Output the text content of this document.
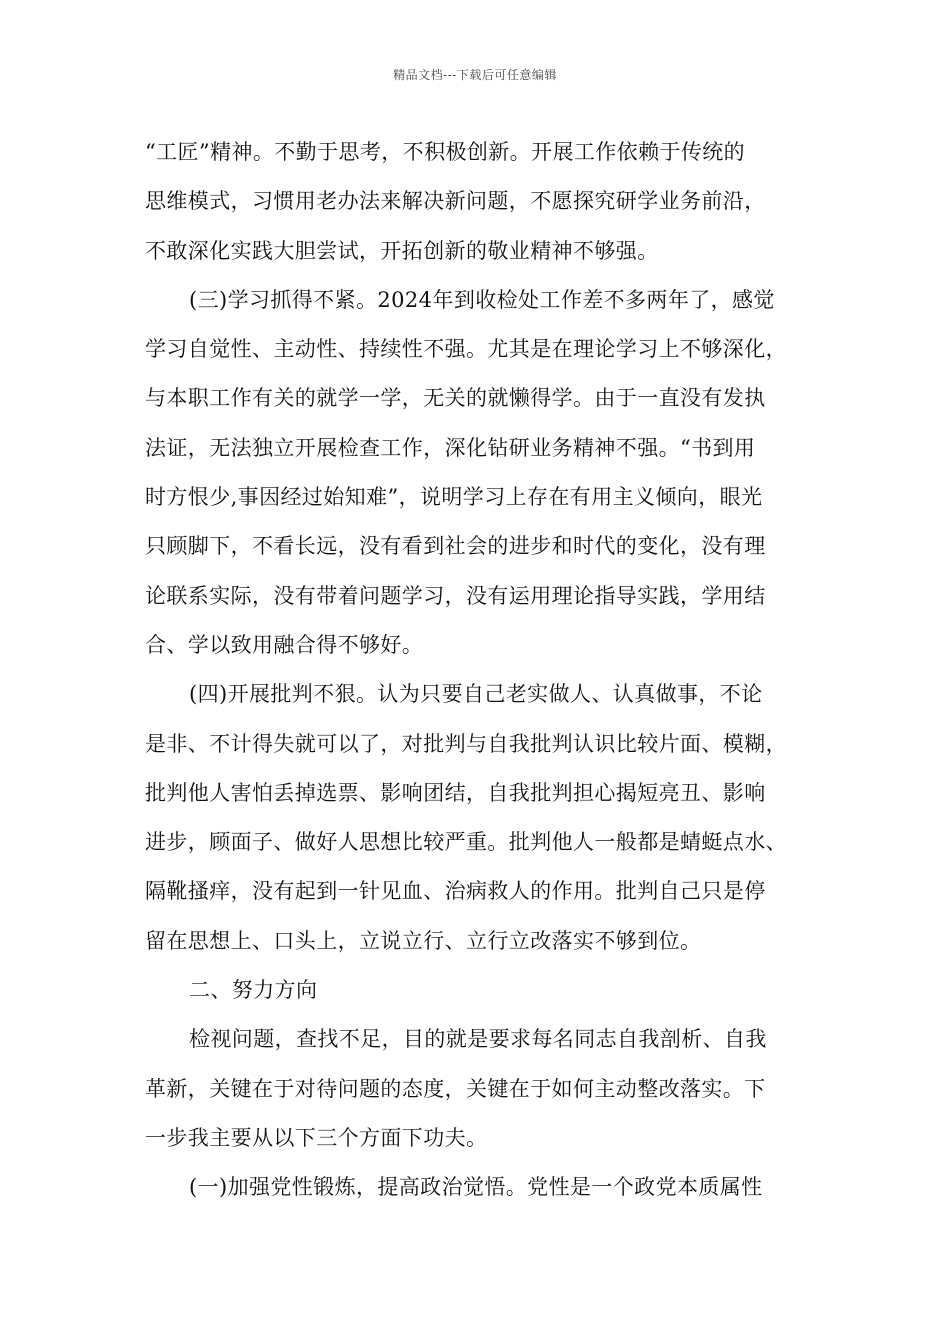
精品文档---下载后可任意编辑
“工匠”精神。不勤于思考，不积极创新。开展工作依赖于传统的
思维模式，习惯用老办法来解决新问题，不愿探究研学业务前沿，
不敢深化实践大胆尝试，开拓创新的敬业精神不够强。
(三)学习抓得不紧。2024年到收检处工作差不多两年了，感觉
学习自觉性、主动性、持续性不强。尤其是在理论学习上不够深化，
与本职工作有关的就学一学，无关的就懒得学。由于一直没有发执
法证，无法独立开展检查工作，深化钻研业务精神不强。“书到用
时方恨少,事因经过始知难”，说明学习上存在有用主义倾向，眼光
只顾脚下，不看长远，没有看到社会的进步和时代的变化，没有理
论联系实际，没有带着问题学习，没有运用理论指导实践，学用结
合、学以致用融合得不够好。
(四)开展批判不狠。认为只要自己老实做人、认真做事，不论
是非、不计得失就可以了，对批判与自我批判认识比较片面、模糊，
批判他人害怕丢掉选票、影响团结，自我批判担心揭短亮丑、影响
进步，顾面子、做好人思想比较严重。批判他人一般都是蜻蜓点水、
隔靴搔痒，没有起到一针见血、治病救人的作用。批判自己只是停
留在思想上、口头上，立说立行、立行立改落实不够到位。
二、努力方向
检视问题，查找不足，目的就是要求每名同志自我剖析、自我
革新，关键在于对待问题的态度，关键在于如何主动整改落实。下
一步我主要从以下三个方面下功夫。
(一)加强党性锻炼，提高政治觉悟。党性是一个政党本质属性
